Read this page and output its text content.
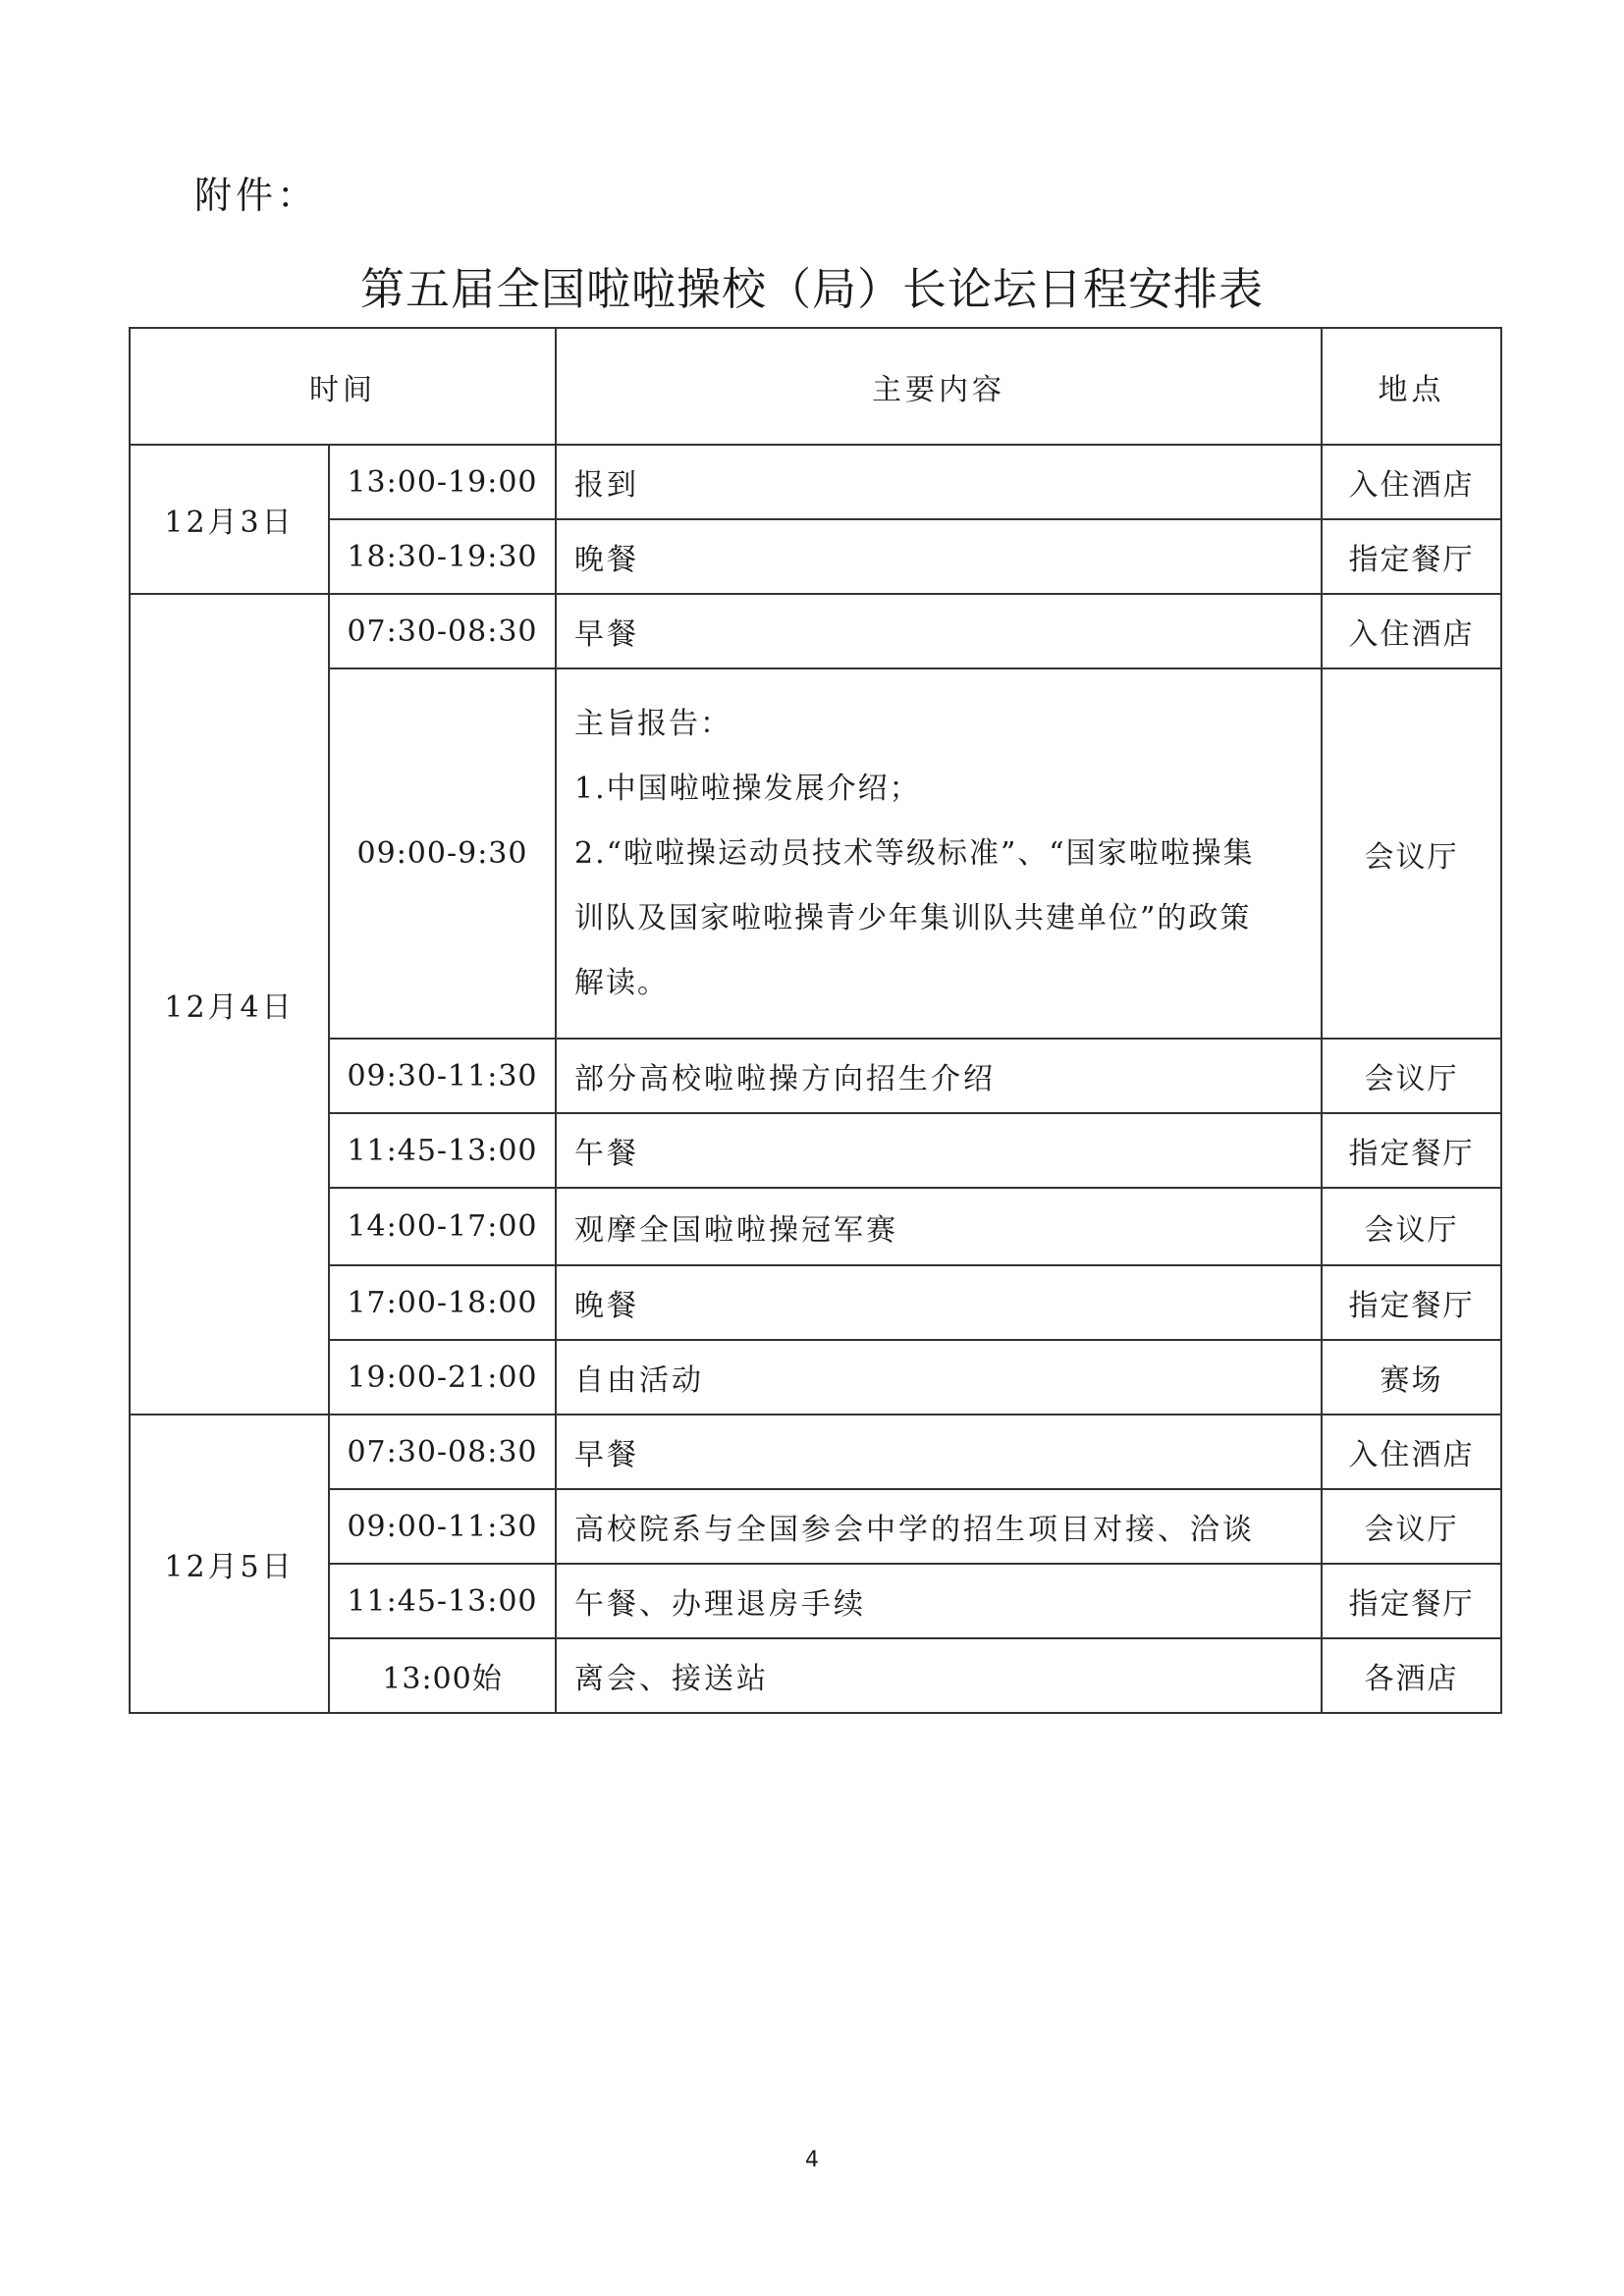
附件：
第五届全国啦啦操校（局）长论坛日程安排表
时间		主要内容	地点
12月3日	13:00-19:00	报到	入住酒店
	18:30-19:30	晚餐	指定餐厅
12月4日	07:30-08:30	早餐	入住酒店
	09:00-9:30	主旨报告：
1.中国啦啦操发展介绍；
2.“啦啦操运动员技术等级标准”、“国家啦啦操集
训队及国家啦啦操青少年集训队共建单位”的政策
解读。	会议厅
	09:30-11:30	部分高校啦啦操方向招生介绍	会议厅
	11:45-13:00	午餐	指定餐厅
	14:00-17:00	观摩全国啦啦操冠军赛	会议厅
	17:00-18:00	晚餐	指定餐厅
	19:00-21:00	自由活动	赛场
12月5日	07:30-08:30	早餐	入住酒店
	09:00-11:30	高校院系与全国参会中学的招生项目对接、洽谈	会议厅
	11:45-13:00	午餐、办理退房手续	指定餐厅
	13:00始	离会、接送站	各酒店
4
